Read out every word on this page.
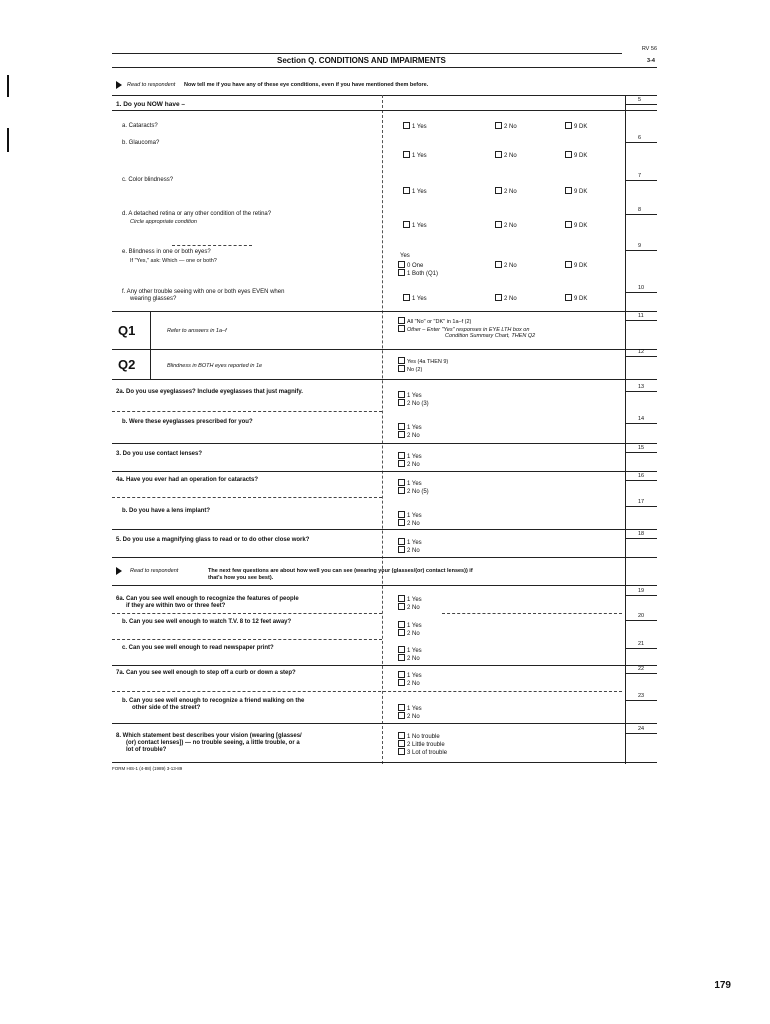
RV 56
Section Q. CONDITIONS AND IMPAIRMENTS	3-4
Read to respondent Now tell me if you have any of these eye conditions, even if you have mentioned them before.
1. Do you NOW have –
5
a. Cataracts?	1 Yes	2 No	9 DK
6
b. Glaucoma?
1 Yes	2 No	9 DK
7
c. Color blindness?
1 Yes	2 No	9 DK
8
d. A detached retina or any other condition of the retina?
Circle appropriate condition
1 Yes	2 No	9 DK
9
e. Blindness in one or both eyes?
If "Yes," ask: Which — one or both?
Yes
0 One
1 Both (Q1)
2 No	9 DK
10
f. Any other trouble seeing with one or both eyes EVEN when
wearing glasses?	1 Yes	2 No	9 DK
11
Q1	Refer to answers in 1a–f
All "No" or "DK" in 1a–f (2)
Other – Enter "Yes" responses in EYE LTH box on
Condition Summary Chart, THEN Q2
12
Q2	Blindness in BOTH eyes reported in 1e
Yes (4a THEN 9)
No (2)
13
2a. Do you use eyeglasses? Include eyeglasses that just magnify.
1 Yes
2 No (3)
14
b. Were these eyeglasses prescribed for you?
1 Yes
2 No
15
3. Do you use contact lenses?	1 Yes
2 No
16
4a. Have you ever had an operation for cataracts?
1 Yes
2 No (5)
17
b. Do you have a lens implant?
1 Yes
2 No
18
5. Do you use a magnifying glass to read or to do other close work?	1 Yes
2 No
Read to respondent	The next few questions are about how well you can see (wearing your (glasses/(or) contact lenses)) if
that's how you see best).
19
6a. Can you see well enough to recognize the features of people
if they are within two or three feet?
1 Yes
2 No
20
b. Can you see well enough to watch T.V. 8 to 12 feet away?
1 Yes
2 No
21
c. Can you see well enough to read newspaper print?	1 Yes
2 No
22
7a. Can you see well enough to step off a curb or down a step?	1 Yes
2 No
23
b. Can you see well enough to recognize a friend walking on the
other side of the street?	1 Yes
2 No
24
8. Which statement best describes your vision (wearing [glasses/
(or) contact lenses]) — no trouble seeing, a little trouble, or a
lot of trouble?
1 No trouble
2 Little trouble
3 Lot of trouble
FORM HIS-1 (4-88) (1989) 3-13-89
179
